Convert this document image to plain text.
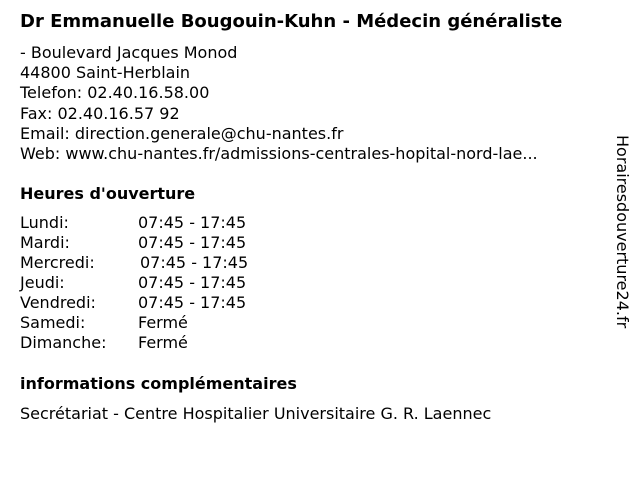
Dr Emmanuelle Bougouin-Kuhn - Médecin généraliste
- Boulevard Jacques Monod
44800 Saint-Herblain
Telefon: 02.40.16.58.00
Fax: 02.40.16.57 92
Email: direction.generale@chu-nantes.fr
Web: www.chu-nantes.fr/admissions-centrales-hopital-nord-lae...
Heures d'ouverture
Lundi:	07:45 - 17:45
Mardi:	07:45 - 17:45
Mercredi:	07:45 - 17:45
Jeudi:	07:45 - 17:45
Vendredi:	07:45 - 17:45
Samedi:	Fermé
Dimanche: Fermé
informations complémentaires
Secrétariat - Centre Hospitalier Universitaire G. R. Laennec
Horairesdouverture24.fr
